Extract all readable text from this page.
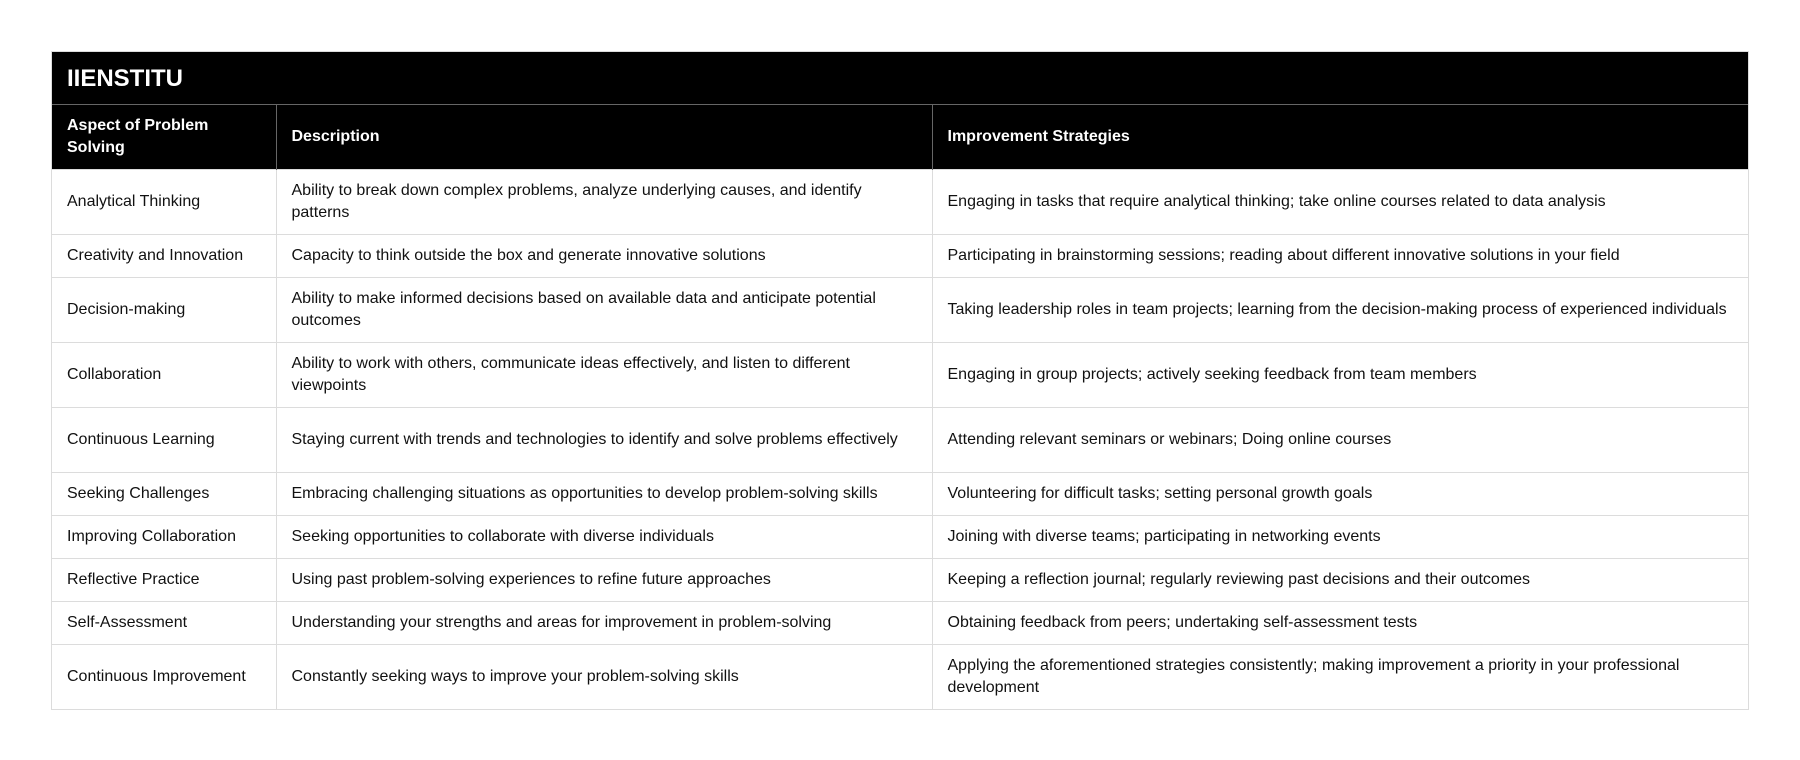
IIENSTITU
Aspect of Problem Solving	Description	Improvement Strategies
Analytical Thinking	Ability to break down complex problems, analyze underlying causes, and identify patterns	Engaging in tasks that require analytical thinking; take online courses related to data analysis
Creativity and Innovation	Capacity to think outside the box and generate innovative solutions	Participating in brainstorming sessions; reading about different innovative solutions in your field
Decision-making	Ability to make informed decisions based on available data and anticipate potential outcomes	Taking leadership roles in team projects; learning from the decision-making process of experienced individuals
Collaboration	Ability to work with others, communicate ideas effectively, and listen to different viewpoints	Engaging in group projects; actively seeking feedback from team members
Continuous Learning	Staying current with trends and technologies to identify and solve problems effectively	Attending relevant seminars or webinars; Doing online courses
Seeking Challenges	Embracing challenging situations as opportunities to develop problem-solving skills	Volunteering for difficult tasks; setting personal growth goals
Improving Collaboration	Seeking opportunities to collaborate with diverse individuals	Joining with diverse teams; participating in networking events
Reflective Practice	Using past problem-solving experiences to refine future approaches	Keeping a reflection journal; regularly reviewing past decisions and their outcomes
Self-Assessment	Understanding your strengths and areas for improvement in problem-solving	Obtaining feedback from peers; undertaking self-assessment tests
Continuous Improvement	Constantly seeking ways to improve your problem-solving skills	Applying the aforementioned strategies consistently; making improvement a priority in your professional development
